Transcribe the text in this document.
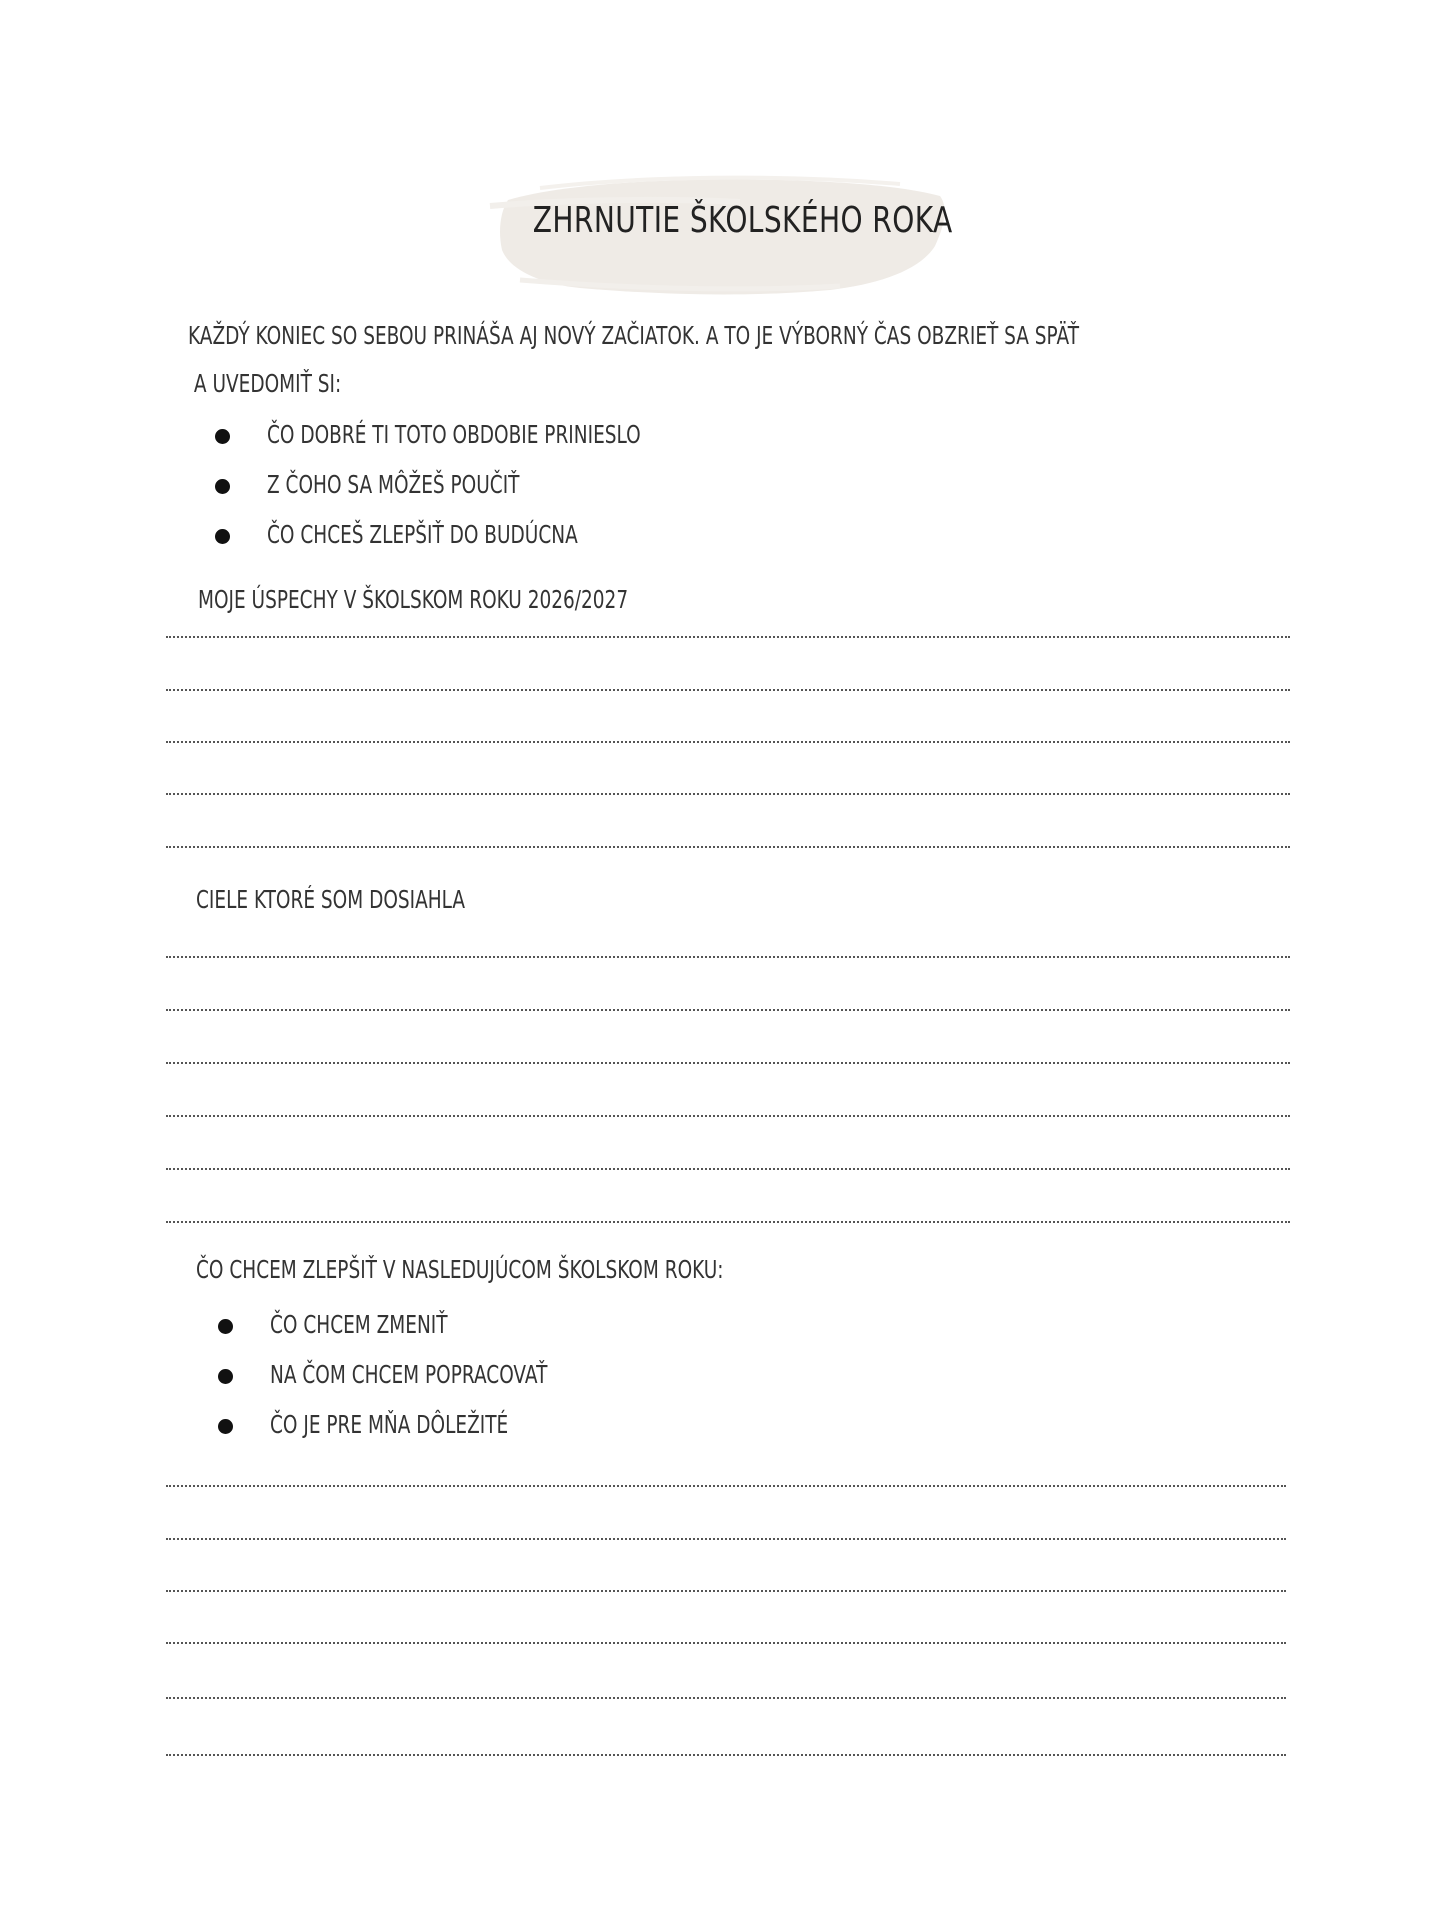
ZHRNUTIE ŠKOLSKÉHO ROKA
KAŽDÝ KONIEC SO SEBOU PRINÁŠA AJ NOVÝ ZAČIATOK. A TO JE VÝBORNÝ ČAS OBZRIEŤ SA SPÄŤ
A UVEDOMIŤ SI:
ČO DOBRÉ TI TOTO OBDOBIE PRINIESLO
Z ČOHO SA MÔŽEŠ POUČIŤ
ČO CHCEŠ ZLEPŠIŤ DO BUDÚCNA
MOJE ÚSPECHY V ŠKOLSKOM ROKU 2026/2027
CIELE KTORÉ SOM DOSIAHLA
ČO CHCEM ZLEPŠIŤ V NASLEDUJÚCOM ŠKOLSKOM ROKU:
ČO CHCEM ZMENIŤ
NA ČOM CHCEM POPRACOVAŤ
ČO JE PRE MŇA DÔLEŽITÉ
